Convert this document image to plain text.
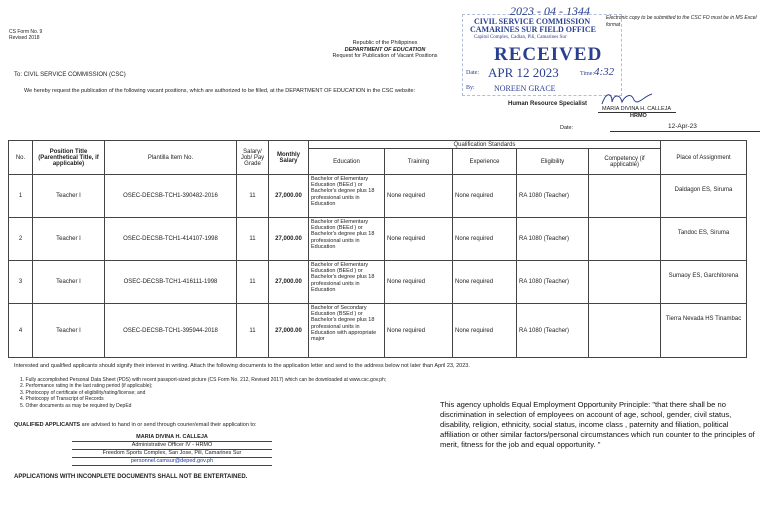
CS Form No. 9
Revised 2018
Republic of the Philippines
DEPARTMENT OF EDUCATION
Request for Publication of Vacant Positions
To: CIVIL SERVICE COMMISSION (CSC)
We hereby request the publication of the following vacant positions, which are authorized to be filled, at the DEPARTMENT OF EDUCATION in the CSC website:
2023 - 04 - 1344
CIVIL SERVICE COMMISSION
CAMARINES SUR FIELD OFFICE
Capitol Complex, Cadlan, Pili, Camarines Sur
RECEIVED
Date: APR 12 2023	Time: 4:32
By: NOREEN GRACE
Electronic copy to be submitted to the CSC FO must be in MS Excel format
Human Resource Specialist
MARIA DIVINA H. CALLEJA
HRMO
Date:	12-Apr-23
No.	Position Title (Parenthetical Title, if applicable)	Plantilla Item No.	Salary/ Job/ Pay Grade	Monthly Salary	Qualification Standards					Place of Assignment
					Education	Training	Experience	Eligibility	Competency (if applicable)	
1	Teacher I	OSEC-DECSB-TCH1-390482-2016	11	27,000.00	Bachelor of Elementary Education (BEEd ) or Bachelor's degree plus 18 professional units in Education	None required	None required	RA 1080 (Teacher)		Daldagon ES, Siruma
2	Teacher I	OSEC-DECSB-TCH1-414107-1998	11	27,000.00	Bachelor of Elementary Education (BEEd ) or Bachelor's degree plus 18 professional units in Education	None required	None required	RA 1080 (Teacher)		Tandoc ES, Siruma
3	Teacher I	OSEC-DECSB-TCH1-416111-1998	11	27,000.00	Bachelor of Elementary Education (BEEd ) or Bachelor's degree plus 18 professional units in Education	None required	None required	RA 1080 (Teacher)		Sumaoy ES, Garchitorena
4	Teacher I	OSEC-DECSB-TCH1-395944-2018	11	27,000.00	Bachelor of Secondary Education (BSEd ) or Bachelor's degree plus 18 professional units in Education with appropriate major	None required	None required	RA 1080 (Teacher)		Tierra Nevada HS Tinambac
Interested and qualified applicants should signify their interest in writing. Attach the following documents to the application letter and send to the address below not later than April 23, 2023.
1. Fully accomplished Personal Data Sheet (PDS) with recent passport-sized picture (CS Form No. 212, Revised 2017) which can be downloaded at www.csc.gov.ph;
2. Performance rating in the last rating period (if applicable);
3. Photocopy of certificate of eligibility/rating/license; and
4. Photocopy of Transcript of Records
5. Other documents as may be required by DepEd
QUALIFIED APPLICANTS are advised to hand in or send through courier/email their application to:
MARIA DIVINA H. CALLEJA
Administrative Officer IV - HRMO
Freedom Sports Complex, San Jose, Pili, Camarines Sur
personnel.camsur@deped.gov.ph
APPLICATIONS WITH INCONPLETE DOCUMENTS SHALL NOT BE ENTERTAINED.
This agency upholds Equal Employment Opportunity Principle: "that there shall be no discrimination in selection of employees on account of age, school, gender, civil status, disability, religion, ethnicity, social status, income class , paternity and filiation, political affiliation or other similar factors/personal circumstances which run counter to the principles of merit, fitness for the job and equal opportunity. "
